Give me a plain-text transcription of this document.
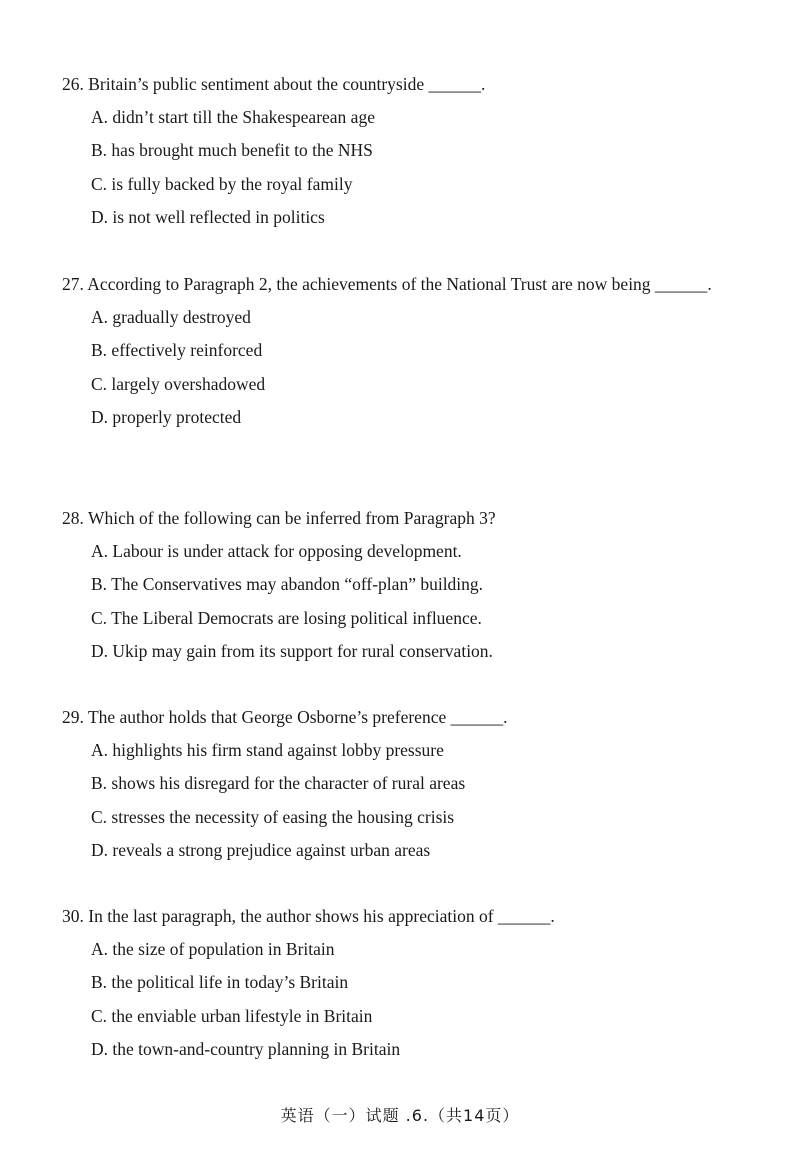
26. Britain’s public sentiment about the countryside ______.

A. didn’t start till the Shakespearean age
B. has brought much benefit to the NHS
C. is fully backed by the royal family
D. is not well reflected in politics

27. According to Paragraph 2, the achievements of the National Trust are now being ______.

A. gradually destroyed
B. effectively reinforced
C. largely overshadowed
D. properly protected

28. Which of the following can be inferred from Paragraph 3?

A. Labour is under attack for opposing development.
B. The Conservatives may abandon “off-plan” building.
C. The Liberal Democrats are losing political influence.
D. Ukip may gain from its support for rural conservation.

29. The author holds that George Osborne’s preference ______.

A. highlights his firm stand against lobby pressure
B. shows his disregard for the character of rural areas
C. stresses the necessity of easing the housing crisis
D. reveals a strong prejudice against urban areas

30. In the last paragraph, the author shows his appreciation of ______.

A. the size of population in Britain
B. the political life in today’s Britain
C. the enviable urban lifestyle in Britain
D. the town-and-country planning in Britain
英语（一）试题 .6.（共14页）
